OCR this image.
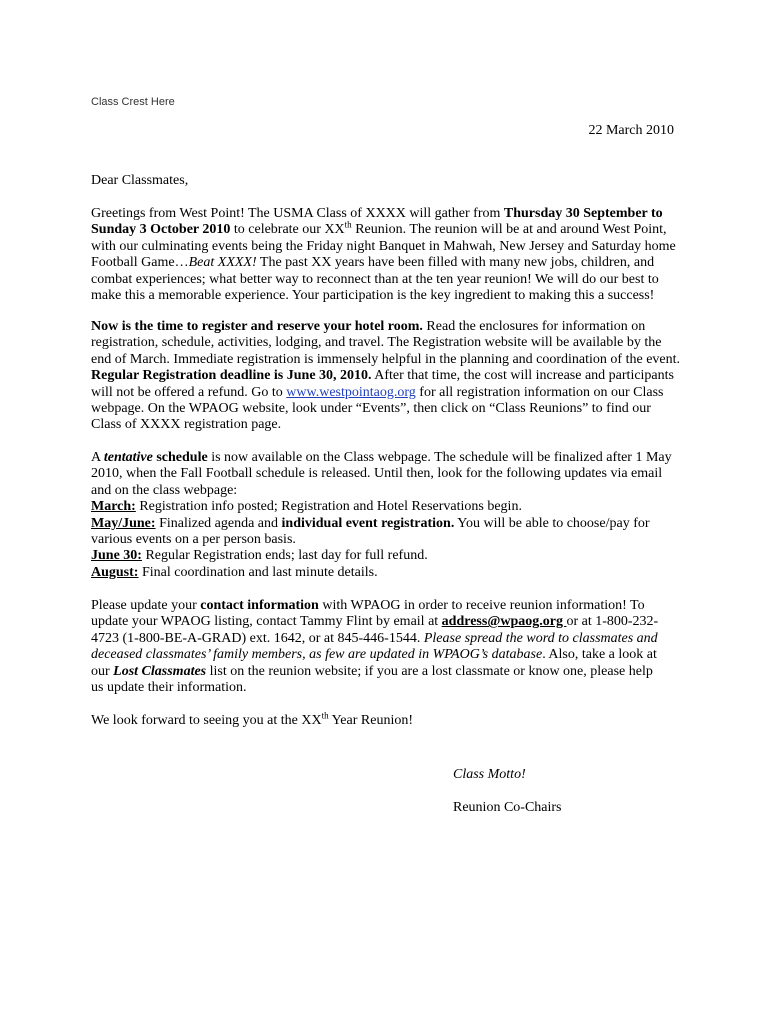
Class Crest Here
22 March 2010
Dear Classmates,
Greetings from West Point! The USMA Class of XXXX will gather from Thursday 30 September to
Sunday 3 October 2010 to celebrate our XXth Reunion. The reunion will be at and around West Point,
with our culminating events being the Friday night Banquet in Mahwah, New Jersey and Saturday home
Football Game…Beat XXXX! The past XX years have been filled with many new jobs, children, and
combat experiences; what better way to reconnect than at the ten year reunion! We will do our best to
make this a memorable experience. Your participation is the key ingredient to making this a success!
Now is the time to register and reserve your hotel room. Read the enclosures for information on
registration, schedule, activities, lodging, and travel. The Registration website will be available by the
end of March. Immediate registration is immensely helpful in the planning and coordination of the event.
Regular Registration deadline is June 30, 2010. After that time, the cost will increase and participants
will not be offered a refund. Go to www.westpointaog.org for all registration information on our Class
webpage. On the WPAOG website, look under “Events”, then click on “Class Reunions” to find our
Class of XXXX registration page.
A tentative schedule is now available on the Class webpage. The schedule will be finalized after 1 May
2010, when the Fall Football schedule is released. Until then, look for the following updates via email
and on the class webpage:
March: Registration info posted; Registration and Hotel Reservations begin.
May/June: Finalized agenda and individual event registration. You will be able to choose/pay for
various events on a per person basis.
June 30: Regular Registration ends; last day for full refund.
August: Final coordination and last minute details.
Please update your contact information with WPAOG in order to receive reunion information! To
update your WPAOG listing, contact Tammy Flint by email at address@wpaog.org or at 1-800-232-
4723 (1-800-BE-A-GRAD) ext. 1642, or at 845-446-1544. Please spread the word to classmates and
deceased classmates’ family members, as few are updated in WPAOG’s database. Also, take a look at
our Lost Classmates list on the reunion website; if you are a lost classmate or know one, please help
us update their information.
We look forward to seeing you at the XXth Year Reunion!
Class Motto!
Reunion Co-Chairs
